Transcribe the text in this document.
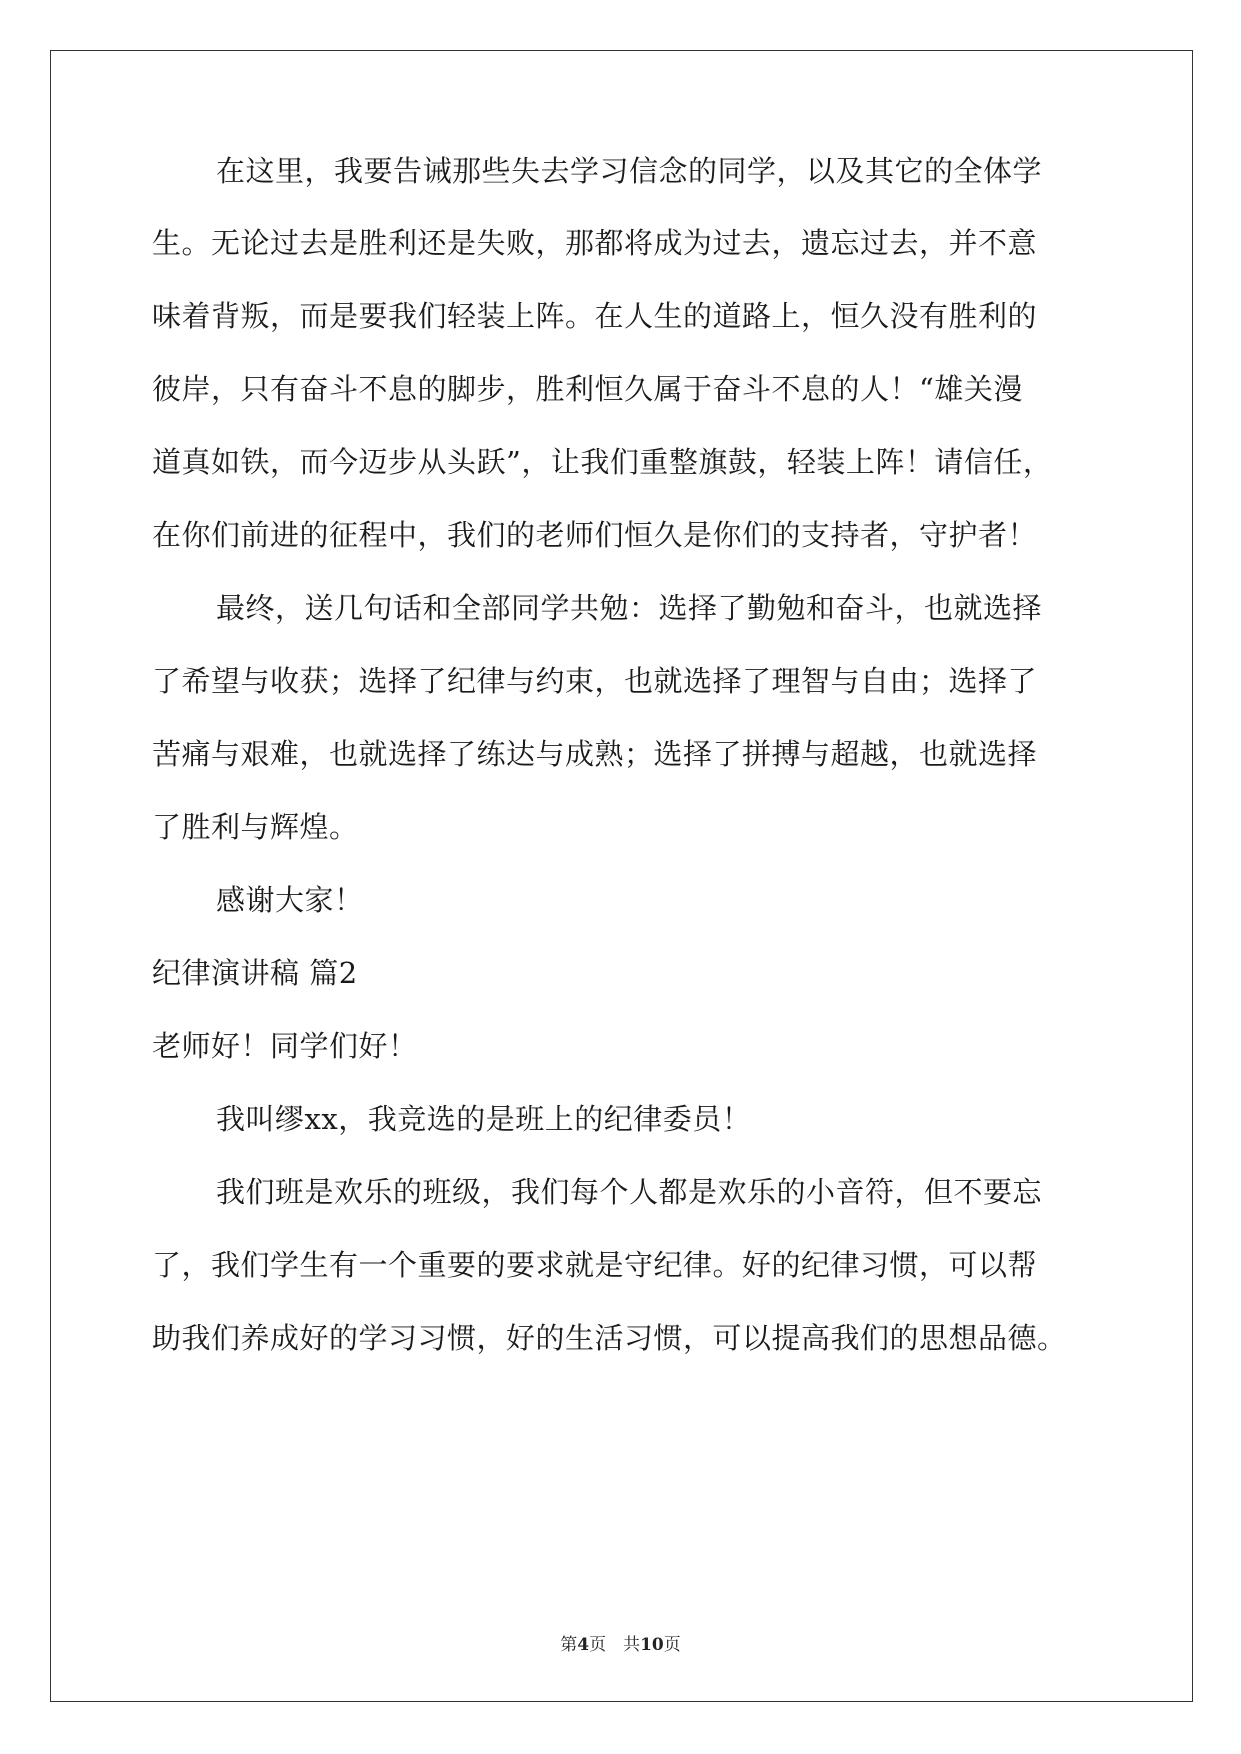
在这里，我要告诫那些失去学习信念的同学，以及其它的全体学
生。无论过去是胜利还是失败，那都将成为过去，遗忘过去，并不意
味着背叛，而是要我们轻装上阵。在人生的道路上，恒久没有胜利的
彼岸，只有奋斗不息的脚步，胜利恒久属于奋斗不息的人！“雄关漫
道真如铁，而今迈步从头跃”，让我们重整旗鼓，轻装上阵！请信任，
在你们前进的征程中，我们的老师们恒久是你们的支持者，守护者！
最终，送几句话和全部同学共勉：选择了勤勉和奋斗，也就选择
了希望与收获；选择了纪律与约束，也就选择了理智与自由；选择了
苦痛与艰难，也就选择了练达与成熟；选择了拼搏与超越，也就选择
了胜利与辉煌。
感谢大家！
纪律演讲稿 篇2
老师好！同学们好！
我叫缪xx，我竞选的是班上的纪律委员！
我们班是欢乐的班级，我们每个人都是欢乐的小音符，但不要忘
了，我们学生有一个重要的要求就是守纪律。好的纪律习惯，可以帮
助我们养成好的学习习惯，好的生活习惯，可以提高我们的思想品德。
第4页　共10页
